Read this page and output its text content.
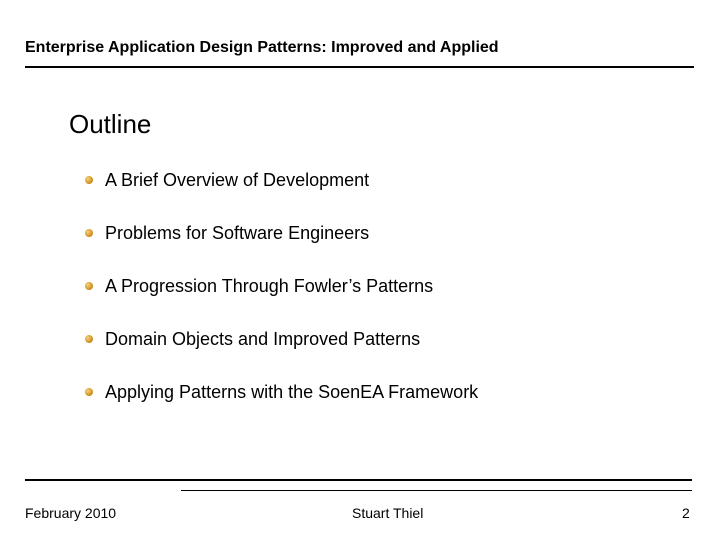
Enterprise Application Design Patterns: Improved and Applied
Outline
A Brief Overview of Development
Problems for Software Engineers
A Progression Through Fowler’s Patterns
Domain Objects and Improved Patterns
Applying Patterns with the SoenEA Framework
February 2010	Stuart Thiel	2
